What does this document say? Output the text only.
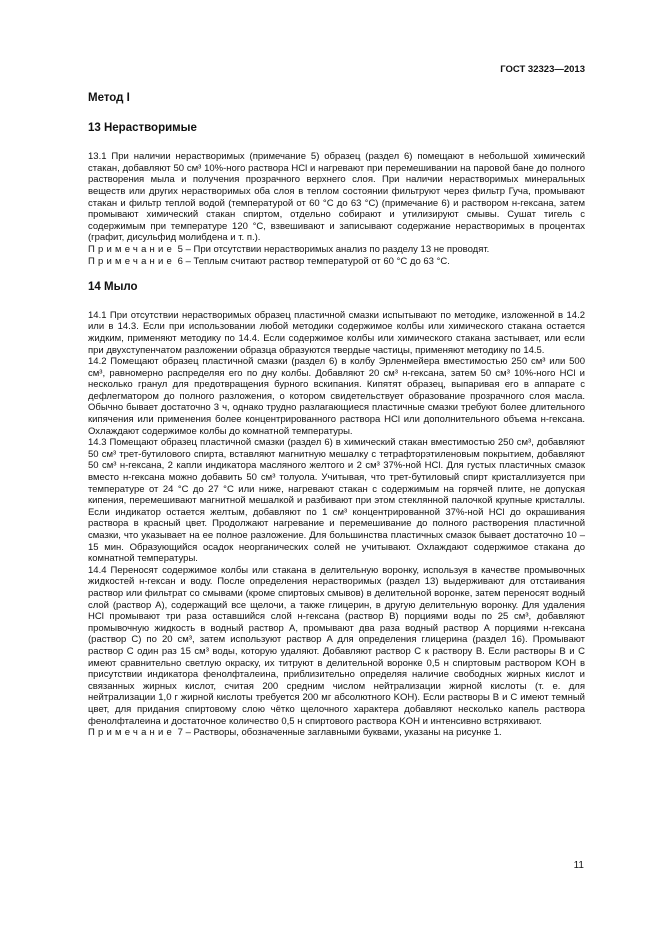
ГОСТ 32323—2013
Метод I
13 Нерастворимые

13.1 При наличии нерастворимых (примечание 5) образец (раздел 6) помещают в небольшой химический стакан, добавляют 50 см³ 10%-ного раствора HCl и нагревают при перемешивании на паровой бане до полного растворения мыла и получения прозрачного верхнего слоя. При наличии нерастворимых минеральных веществ или других нерастворимых оба слоя в теплом состоянии фильтруют через фильтр Гуча, промывают стакан и фильтр теплой водой (температурой от 60 °C до 63 °C) (примечание 6) и раствором н-гексана, затем промывают химический стакан спиртом, отдельно собирают и утилизируют смывы. Сушат тигель с содержимым при температуре 120 °C, взвешивают и записывают содержание нерастворимых в процентах (графит, дисульфид молибдена и т. п.).

Примечание 5 – При отсутствии нерастворимых анализ по разделу 13 не проводят.

Примечание 6 – Теплым считают раствор температурой от 60 °C до 63 °C.

14 Мыло

14.1 При отсутствии нерастворимых образец пластичной смазки испытывают по методике, изложенной в 14.2 или в 14.3. Если при использовании любой методики содержимое колбы или химического стакана остается жидким, применяют методику по 14.4. Если содержимое колбы или химического стакана застывает, или если при двухступенчатом разложении образца образуются твердые частицы, применяют методику по 14.5.

14.2 Помещают образец пластичной смазки (раздел 6) в колбу Эрленмейера вместимостью 250 см³ или 500 см³, равномерно распределяя его по дну колбы. Добавляют 20 см³ н-гексана, затем 50 см³ 10%-ного HCl и несколько гранул для предотвращения бурного вскипания. Кипятят образец, выпаривая его в аппарате с дефлегматором до полного разложения, о котором свидетельствует образование прозрачного слоя масла. Обычно бывает достаточно 3 ч, однако трудно разлагающиеся пластичные смазки требуют более длительного кипячения или применения более концентрированного раствора HCl или дополнительного объема н-гексана. Охлаждают содержимое колбы до комнатной температуры.

14.3 Помещают образец пластичной смазки (раздел 6) в химический стакан вместимостью 250 см³, добавляют 50 см³ трет-бутилового спирта, вставляют магнитную мешалку с тетрафторэтиленовым покрытием, добавляют 50 см³ н-гексана, 2 капли индикатора масляного желтого и 2 см³ 37%-ной HCl. Для густых пластичных смазок вместо н-гексана можно добавить 50 см³ толуола. Учитывая, что трет-бутиловый спирт кристаллизуется при температуре от 24 °C до 27 °C или ниже, нагревают стакан с содержимым на горячей плите, не допуская кипения, перемешивают магнитной мешалкой и разбивают при этом стеклянной палочкой крупные кристаллы. Если индикатор остается желтым, добавляют по 1 см³ концентрированной 37%-ной HCl до окрашивания раствора в красный цвет. Продолжают нагревание и перемешивание до полного растворения пластичной смазки, что указывает на ее полное разложение. Для большинства пластичных смазок бывает достаточно 10 – 15 мин. Образующийся осадок неорганических солей не учитывают. Охлаждают содержимое стакана до комнатной температуры.

14.4 Переносят содержимое колбы или стакана в делительную воронку, используя в качестве промывочных жидкостей н-гексан и воду. После определения нерастворимых (раздел 13) выдерживают для отстаивания раствор или фильтрат со смывами (кроме спиртовых смывов) в делительной воронке, затем переносят водный слой (раствор A), содержащий все щелочи, а также глицерин, в другую делительную воронку. Для удаления HCl промывают три раза оставшийся слой н-гексана (раствор B) порциями воды по 25 см³, добавляют промывочную жидкость в водный раствор A, промывают два раза водный раствор A порциями н-гексана (раствор C) по 20 см³, затем используют раствор A для определения глицерина (раздел 16). Промывают раствор C один раз 15 см³ воды, которую удаляют. Добавляют раствор C к раствору B. Если растворы B и C имеют сравнительно светлую окраску, их титруют в делительной воронке 0,5 н спиртовым раствором KOH в присутствии индикатора фенолфталеина, приблизительно определяя наличие свободных жирных кислот и связанных жирных кислот, считая 200 средним числом нейтрализации жирной кислоты (т. е. для нейтрализации 1,0 г жирной кислоты требуется 200 мг абсолютного KOH). Если растворы B и C имеют темный цвет, для придания спиртовому слою чётко щелочного характера добавляют несколько капель раствора фенолфталеина и достаточное количество 0,5 н спиртового раствора KOH и интенсивно встряхивают.

Примечание 7 – Растворы, обозначенные заглавными буквами, указаны на рисунке 1.

11
